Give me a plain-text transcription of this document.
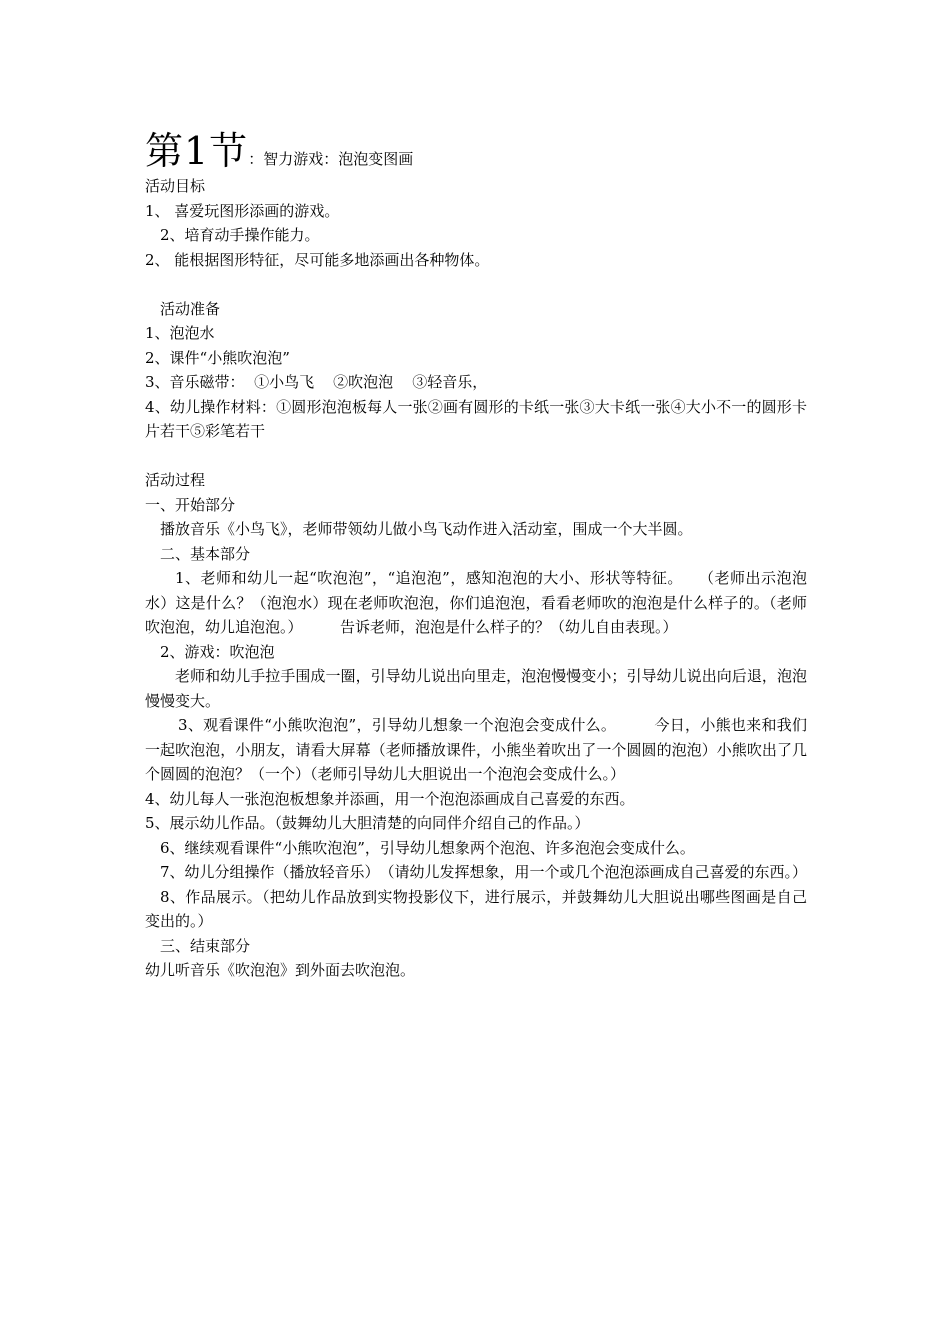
第1节：智力游戏：泡泡变图画
活动目标
1、 喜爱玩图形添画的游戏。
2、培育动手操作能力。
2、 能根据图形特征，尽可能多地添画出各种物体。
活动准备
1、泡泡水
2、课件“小熊吹泡泡”
3、音乐磁带：  ①小鸟飞    ②吹泡泡    ③轻音乐，
4、幼儿操作材料：①圆形泡泡板每人一张②画有圆形的卡纸一张③大卡纸一张④大小不一的圆形卡片若干⑤彩笔若干
活动过程
一、开始部分
播放音乐《小鸟飞》，老师带领幼儿做小鸟飞动作进入活动室，围成一个大半圆。
二、基本部分
1、老师和幼儿一起“吹泡泡”，“追泡泡”，感知泡泡的大小、形状等特征。　　（老师出示泡泡水）这是什么？（泡泡水）现在老师吹泡泡，你们追泡泡，看看老师吹的泡泡是什么样子的。（老师吹泡泡，幼儿追泡泡。）　　　告诉老师，泡泡是什么样子的？（幼儿自由表现。）
2、游戏：吹泡泡
老师和幼儿手拉手围成一圈，引导幼儿说出向里走，泡泡慢慢变小；引导幼儿说出向后退，泡泡慢慢变大。
3、观看课件“小熊吹泡泡”，引导幼儿想象一个泡泡会变成什么。　　　今日，小熊也来和我们一起吹泡泡，小朋友，请看大屏幕（老师播放课件，小熊坐着吹出了一个圆圆的泡泡）小熊吹出了几个圆圆的泡泡？（一个）（老师引导幼儿大胆说出一个泡泡会变成什么。）
4、幼儿每人一张泡泡板想象并添画，用一个泡泡添画成自己喜爱的东西。
5、展示幼儿作品。（鼓舞幼儿大胆清楚的向同伴介绍自己的作品。）
6、继续观看课件“小熊吹泡泡”，引导幼儿想象两个泡泡、许多泡泡会变成什么。
7、幼儿分组操作（播放轻音乐）　（请幼儿发挥想象，用一个或几个泡泡添画成自己喜爱的东西。）
8、作品展示。（把幼儿作品放到实物投影仪下，进行展示，并鼓舞幼儿大胆说出哪些图画是自己变出的。）
三、结束部分
幼儿听音乐《吹泡泡》到外面去吹泡泡。
